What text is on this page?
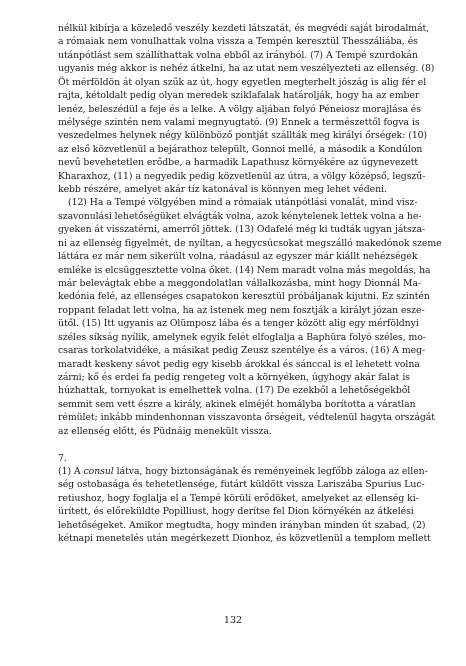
nélkül kibírja a közeledő veszély kezdeti látszatát, és megvédi saját birodalmát,
a rómaiak nem vonulhattak volna vissza a Tempén keresztül Thesszáliába, és
utánpótlást sem szállíthattak volna ebből az irányból. (7) A Tempé szurdokán
ugyanis még akkor is nehéz átkelni, ha az utat nem veszélyezteti az ellenség. (8)
Öt mérföldön át olyan szűk az út, hogy egyetlen megterhelt jószág is alig fér el
rajta, kétoldalt pedig olyan meredek sziklafalak határolják, hogy ha az ember
lenéz, beleszédül a feje és a lelke. A völgy aljában folyó Péneiosz morajlása és
mélysége szintén nem valami megnyugtató. (9) Ennek a természettől fogva is
veszedelmes helynek négy különböző pontját szállták meg királyi őrségek: (10)
az első közvetlenül a bejárathoz települt, Gonnoi mellé, a második a Kondúlon
nevű bevehetetlen erődbe, a harmadik Lapathusz környékére az úgynevezett
Kharaxhoz, (11) a negyedik pedig közvetlenül az útra, a völgy középső, legszű-
kebb részére, amelyet akár tíz katonával is könnyen meg lehet védeni.
(12) Ha a Tempé völgyében mind a rómaiak utánpótlási vonalát, mind visz-
szavonulási lehetőségüket elvágták volna, azok kénytelenek lettek volna a he-
gyeken át visszatérni, amerről jöttek. (13) Odafelé még ki tudták ugyan játsza-
ni az ellenség figyelmét, de nyíltan, a hegycsúcsokat megszálló makedónok szeme
láttára ez már nem sikerült volna, ráadásul az egyszer már kiállt nehézségek
emléke is elcsüggesztette volna őket. (14) Nem maradt volna más megoldás, ha
már belevágtak ebbe a meggondolatlan vállalkozásba, mint hogy Dionnál Ma-
kedónia felé, az ellenséges csapatokon keresztül próbáljanak kijutni. Ez szintén
roppant feladat lett volna, ha az istenek meg nem fosztják a királyt józan esze-
ütől. (15) Itt ugyanis az Olümposz lába és a tenger között alig egy mérföldnyi
széles síkság nyílik, amelynek egyik felét elfoglalja a Baphüra folyó széles, mo-
csaras torkolatvidéke, a másikat pedig Zeusz szentélye és a város. (16) A meg-
maradt keskeny sávot pedig egy kisebb árokkal és sánccal is el lehetett volna
zárni; kő és erdei fa pedig rengeteg volt a környéken, úgyhogy akár falat is
húzhattak, tornyokat is emelhettek volna. (17) De ezekből a lehetőségekből
semmit sem vett észre a király, akinek elméjét homályba borította a váratlan
rémület; inkább mindenhonnan visszavonta őrségeit, védtelenül hagyta országát
az ellenség előtt, és Püdnáig menekült vissza.
7.
(1) A consul látva, hogy biztonságának és reményeinek legfőbb záloga az ellen-
ség ostobasága és tehetetlensége, futárt küldött vissza Lariszába Spurius Luc-
retiushoz, hogy foglalja el a Tempé körüli erődöket, amelyeket az ellenség ki-
ürített, és előreküldte Popilliust, hogy derítse fel Dion környékén az átkelési
lehetőségeket. Amikor megtudta, hogy minden irányban minden út szabad, (2)
kétnapi menetelés után megérkezett Dionhoz, és közvetlenül a templom mellett
132
